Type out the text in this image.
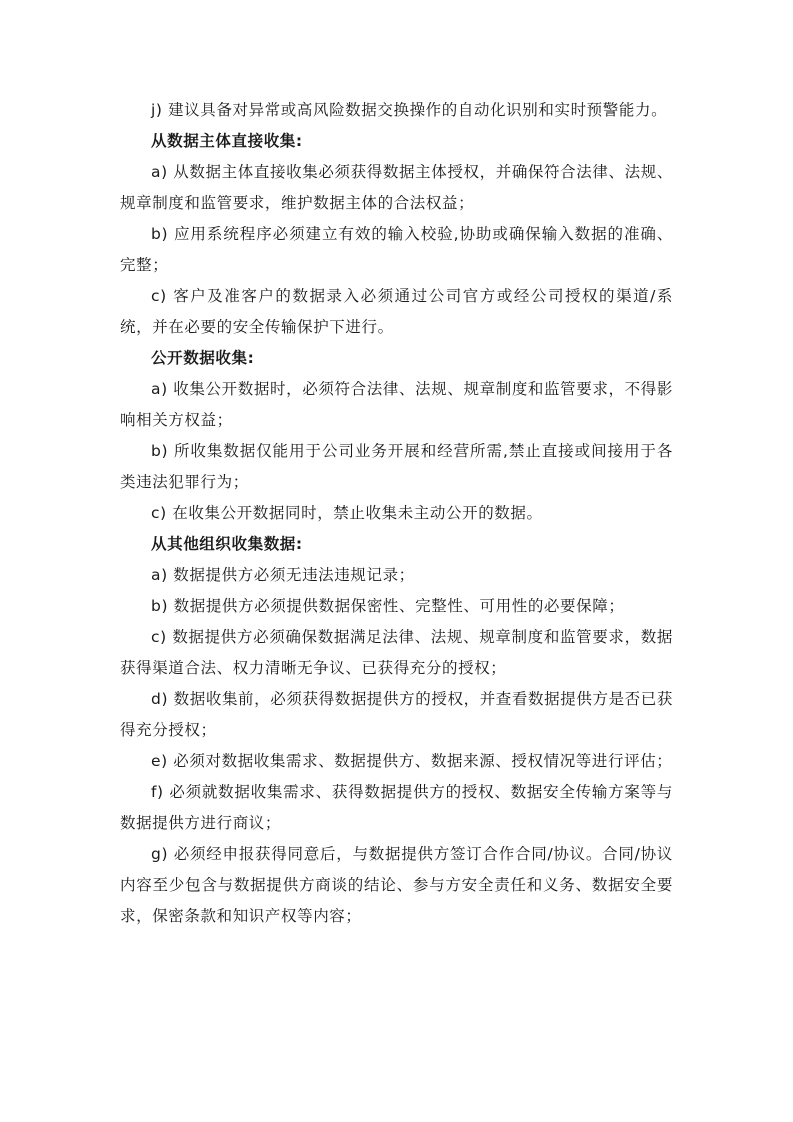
j) 建议具备对异常或高风险数据交换操作的自动化识别和实时预警能力。

从数据主体直接收集:

a) 从数据主体直接收集必须获得数据主体授权，并确保符合法律、法规、规章制度和监管要求，维护数据主体的合法权益；

b) 应用系统程序必须建立有效的输入校验,协助或确保输入数据的准确、完整；

c) 客户及准客户的数据录入必须通过公司官方或经公司授权的渠道/系统，并在必要的安全传输保护下进行。

公开数据收集:

a) 收集公开数据时，必须符合法律、法规、规章制度和监管要求，不得影响相关方权益；

b) 所收集数据仅能用于公司业务开展和经营所需,禁止直接或间接用于各类违法犯罪行为；

c) 在收集公开数据同时，禁止收集未主动公开的数据。

从其他组织收集数据:

a) 数据提供方必须无违法违规记录；

b) 数据提供方必须提供数据保密性、完整性、可用性的必要保障；

c) 数据提供方必须确保数据满足法律、法规、规章制度和监管要求，数据获得渠道合法、权力清晰无争议、已获得充分的授权；

d) 数据收集前，必须获得数据提供方的授权，并查看数据提供方是否已获得充分授权；

e) 必须对数据收集需求、数据提供方、数据来源、授权情况等进行评估；

f) 必须就数据收集需求、获得数据提供方的授权、数据安全传输方案等与数据提供方进行商议；

g) 必须经申报获得同意后，与数据提供方签订合作合同/协议。合同/协议内容至少包含与数据提供方商谈的结论、参与方安全责任和义务、数据安全要求，保密条款和知识产权等内容；
